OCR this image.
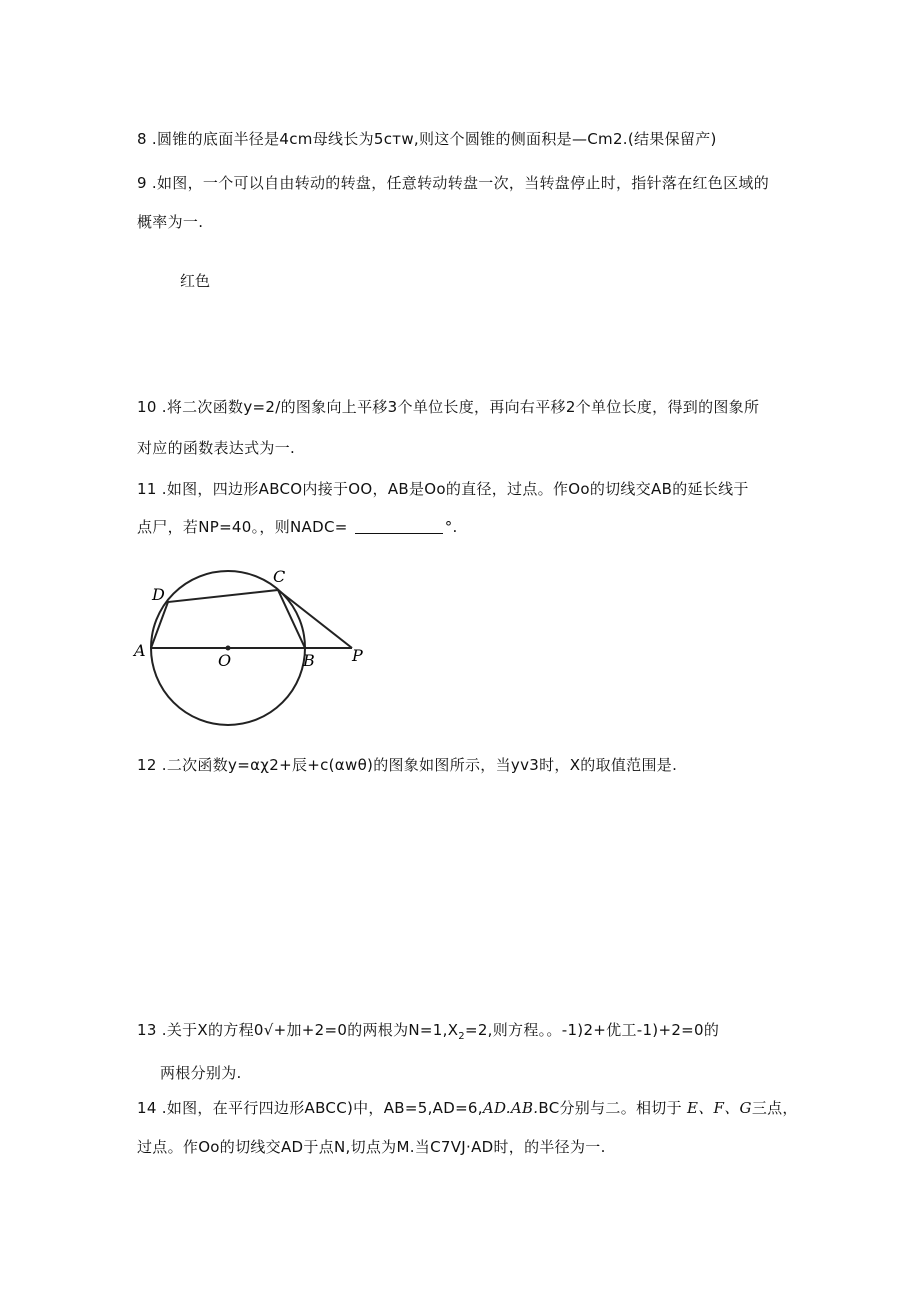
8 .圆锥的底面半径是4cm母线长为5cтw,则这个圆锥的侧面积是—Cm2.(结果保留产)
9 .如图，一个可以自由转动的转盘，任意转动转盘一次，当转盘停止时，指针落在红色区域的
概率为一.
红色
10 .将二次函数y=2/的图象向上平移3个单位长度，再向右平移2个单位长度，得到的图象所
对应的函数表达式为一.
11 .如图，四边形ABCO内接于OO，AB是Oo的直径，过点。作Oo的切线交AB的延长线于
点尸，若NP=40。，则NADC=	°.
A
D
C
O	B P
12 .二次函数y=αχ2+辰+c(αwθ)的图象如图所示，当yv3时，X的取值范围是.
13 .关于X的方程0√+加+2=0的两根为$N=1,X_2=2$,则方程。。-1)2+优工-1)+2=0的
两根分别为.
14 .如图，在平行四边形ABCC)中，AB=5,AD=6,AD.AB.BC分别与二。相切于 E、F、G三点，
过点。作Oo的切线交AD于点N,切点为M.当C7VJ·AD时，的半径为一.
